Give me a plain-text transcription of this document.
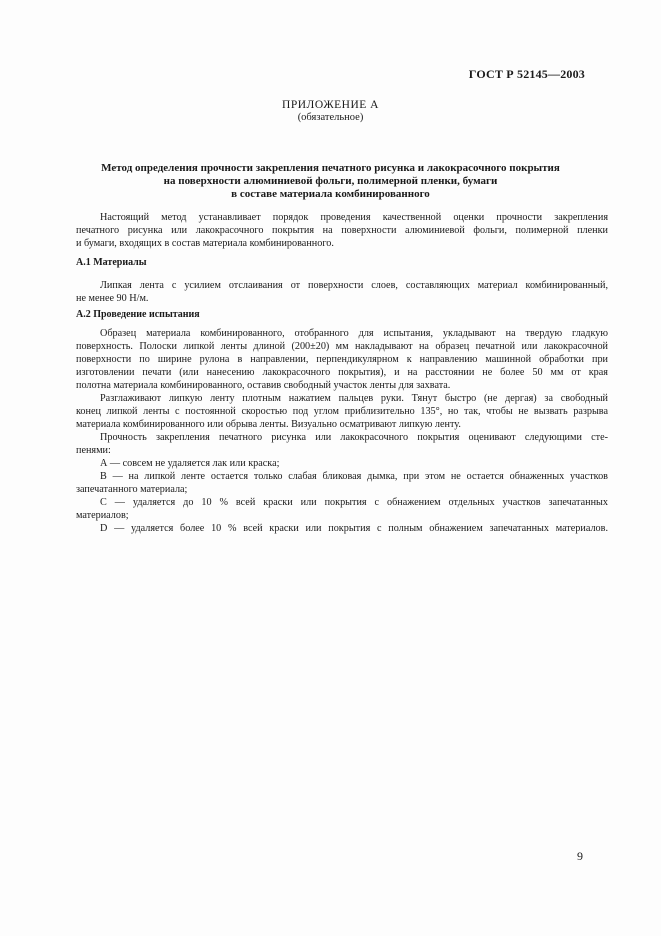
ГОСТ Р 52145—2003
ПРИЛОЖЕНИЕ А
(обязательное)
Метод определения прочности закрепления печатного рисунка и лакокрасочного покрытия
на поверхности алюминиевой фольги, полимерной пленки, бумаги
в составе материала комбинированного
Настоящий метод устанавливает порядок проведения качественной оценки прочности закрепления
печатного рисунка или лакокрасочного покрытия на поверхности алюминиевой фольги, полимерной пленки
и бумаги, входящих в состав материала комбинированного.
А.1 Материалы
Липкая лента с усилием отслаивания от поверхности слоев, составляющих материал комбинированный,
не менее 90 Н/м.
А.2 Проведение испытания
Образец материала комбинированного, отобранного для испытания, укладывают на твердую гладкую
поверхность. Полоски липкой ленты длиной (200±20) мм накладывают на образец печатной или лакокрасочной
поверхности по ширине рулона в направлении, перпендикулярном к направлению машинной обработки при
изготовлении печати (или нанесению лакокрасочного покрытия), и на расстоянии не более 50 мм от края
полотна материала комбинированного, оставив свободный участок ленты для захвата.
Разглаживают липкую ленту плотным нажатием пальцев руки. Тянут быстро (не дергая) за свободный
конец липкой ленты с постоянной скоростью под углом приблизительно 135°, но так, чтобы не вызвать разрыва
материала комбинированного или обрыва ленты. Визуально осматривают липкую ленту.
Прочность закрепления печатного рисунка или лакокрасочного покрытия оценивают следующими сте-
пенями:
А — совсем не удаляется лак или краска;
В — на липкой ленте остается только слабая бликовая дымка, при этом не остается обнаженных участков
запечатанного материала;
С — удаляется до 10 % всей краски или покрытия с обнажением отдельных участков запечатанных
материалов;
D — удаляется более 10 % всей краски или покрытия с полным обнажением запечатанных материалов.
9
